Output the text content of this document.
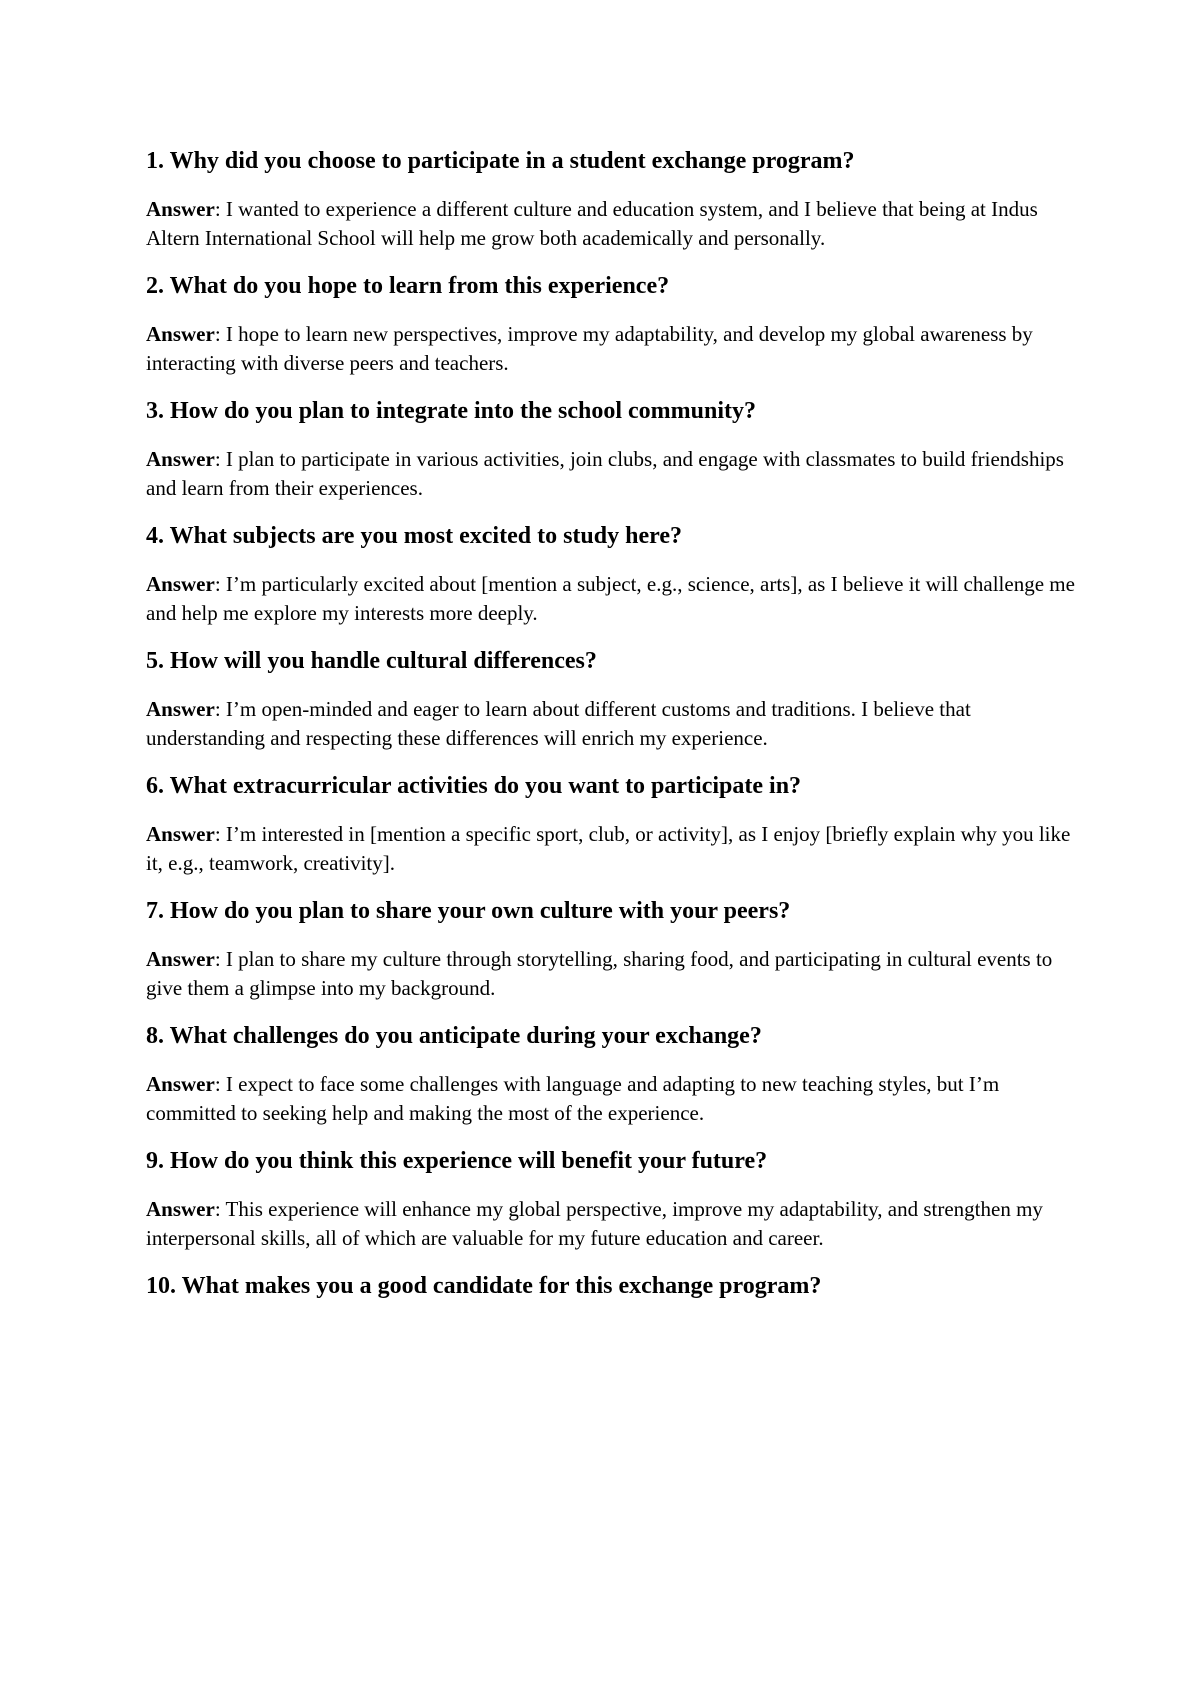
1. Why did you choose to participate in a student exchange program?

Answer: I wanted to experience a different culture and education system, and I believe that being at Indus Altern International School will help me grow both academically and personally.

2. What do you hope to learn from this experience?

Answer: I hope to learn new perspectives, improve my adaptability, and develop my global awareness by interacting with diverse peers and teachers.

3. How do you plan to integrate into the school community?

Answer: I plan to participate in various activities, join clubs, and engage with classmates to build friendships and learn from their experiences.

4. What subjects are you most excited to study here?

Answer: I’m particularly excited about [mention a subject, e.g., science, arts], as I believe it will challenge me and help me explore my interests more deeply.

5. How will you handle cultural differences?

Answer: I’m open-minded and eager to learn about different customs and traditions. I believe that understanding and respecting these differences will enrich my experience.

6. What extracurricular activities do you want to participate in?

Answer: I’m interested in [mention a specific sport, club, or activity], as I enjoy [briefly explain why you like it, e.g., teamwork, creativity].

7. How do you plan to share your own culture with your peers?

Answer: I plan to share my culture through storytelling, sharing food, and participating in cultural events to give them a glimpse into my background.

8. What challenges do you anticipate during your exchange?

Answer: I expect to face some challenges with language and adapting to new teaching styles, but I’m committed to seeking help and making the most of the experience.

9. How do you think this experience will benefit your future?

Answer: This experience will enhance my global perspective, improve my adaptability, and strengthen my interpersonal skills, all of which are valuable for my future education and career.

10. What makes you a good candidate for this exchange program?
